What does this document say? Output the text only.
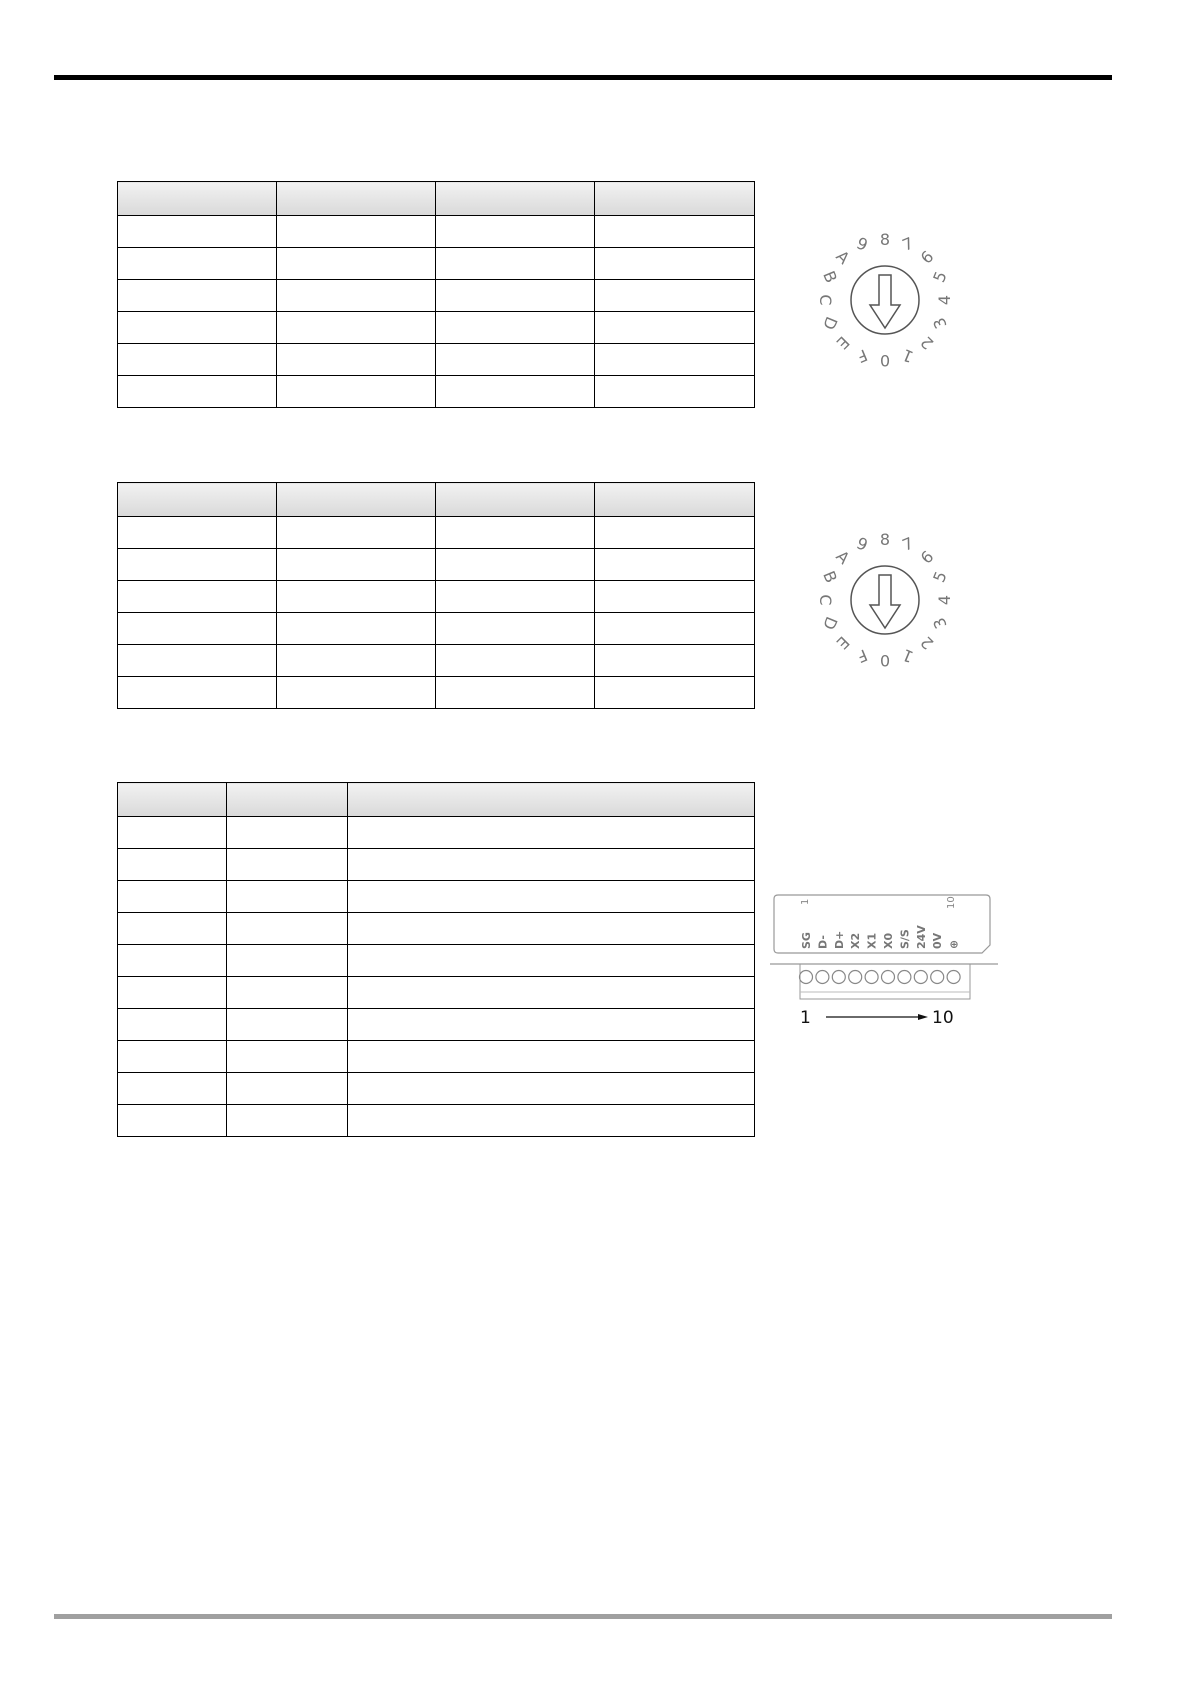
0 1
2
3
4
5
6
7
8
9
A
B
C
D
E
F

0 1
2
3
4
5
6
7
8
9
A
B
C
D
E
F

1	10
SG D- D+ X2 X1 X0 S/S 24V 0V ⊕
1	10
